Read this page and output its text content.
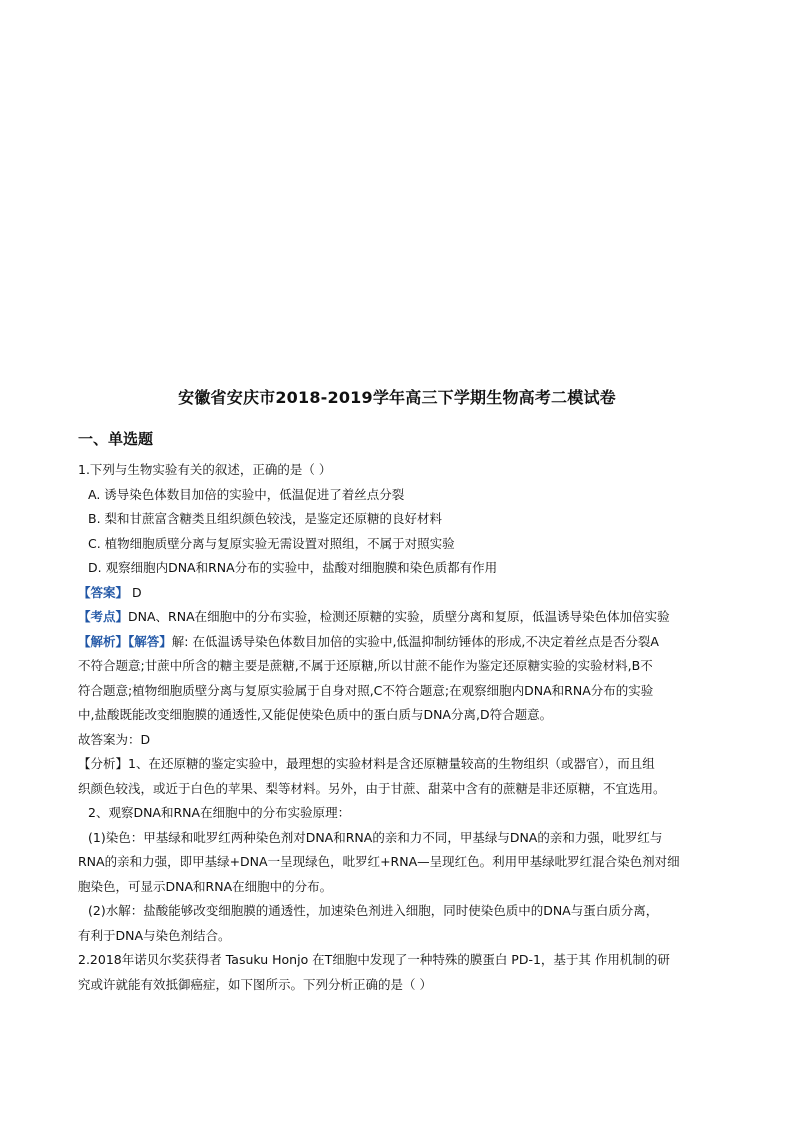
安徽省安庆市2018-2019学年高三下学期生物高考二模试卷
一、单选题
1.下列与生物实验有关的叙述，正确的是（ ）
A. 诱导染色体数目加倍的实验中，低温促进了着丝点分裂
B. 梨和甘蔗富含糖类且组织颜色较浅，是鉴定还原糖的良好材料
C. 植物细胞质壁分离与复原实验无需设置对照组，不属于对照实验
D. 观察细胞内DNA和RNA分布的实验中，盐酸对细胞膜和染色质都有作用
【答案】 D
【考点】DNA、RNA在细胞中的分布实验，检测还原糖的实验，质壁分离和复原，低温诱导染色体加倍实验
【解析】【解答】解: 在低温诱导染色体数目加倍的实验中,低温抑制纺锤体的形成,不决定着丝点是否分裂A
不符合题意;甘蔗中所含的糖主要是蔗糖,不属于还原糖,所以甘蔗不能作为鉴定还原糖实验的实验材料,B不
符合题意;植物细胞质壁分离与复原实验属于自身对照,C不符合题意;在观察细胞内DNA和RNA分布的实验
中,盐酸既能改变细胞膜的通透性,又能促使染色质中的蛋白质与DNA分离,D符合题意。
故答案为：D
【分析】1、在还原糖的鉴定实验中，最理想的实验材料是含还原糖量较高的生物组织（或器官），而且组
织颜色较浅，或近于白色的苹果、梨等材料。另外，由于甘蔗、甜菜中含有的蔗糖是非还原糖，不宜选用。
2、观察DNA和RNA在细胞中的分布实验原理：
(1)染色：甲基绿和吡罗红两种染色剂对DNA和RNA的亲和力不同，甲基绿与DNA的亲和力强，吡罗红与
RNA的亲和力强，即甲基绿+DNA一呈现绿色，吡罗红+RNA—呈现红色。利用甲基绿吡罗红混合染色剂对细
胞染色，可显示DNA和RNA在细胞中的分布。
(2)水解：盐酸能够改变细胞膜的通透性，加速染色剂进入细胞，同时使染色质中的DNA与蛋白质分离，
有利于DNA与染色剂结合。
2.2018年诺贝尔奖获得者 Tasuku Honjo 在T细胞中发现了一种特殊的膜蛋白 PD-1，基于其 作用机制的研
究或许就能有效抵御癌症，如下图所示。下列分析正确的是（ ）
